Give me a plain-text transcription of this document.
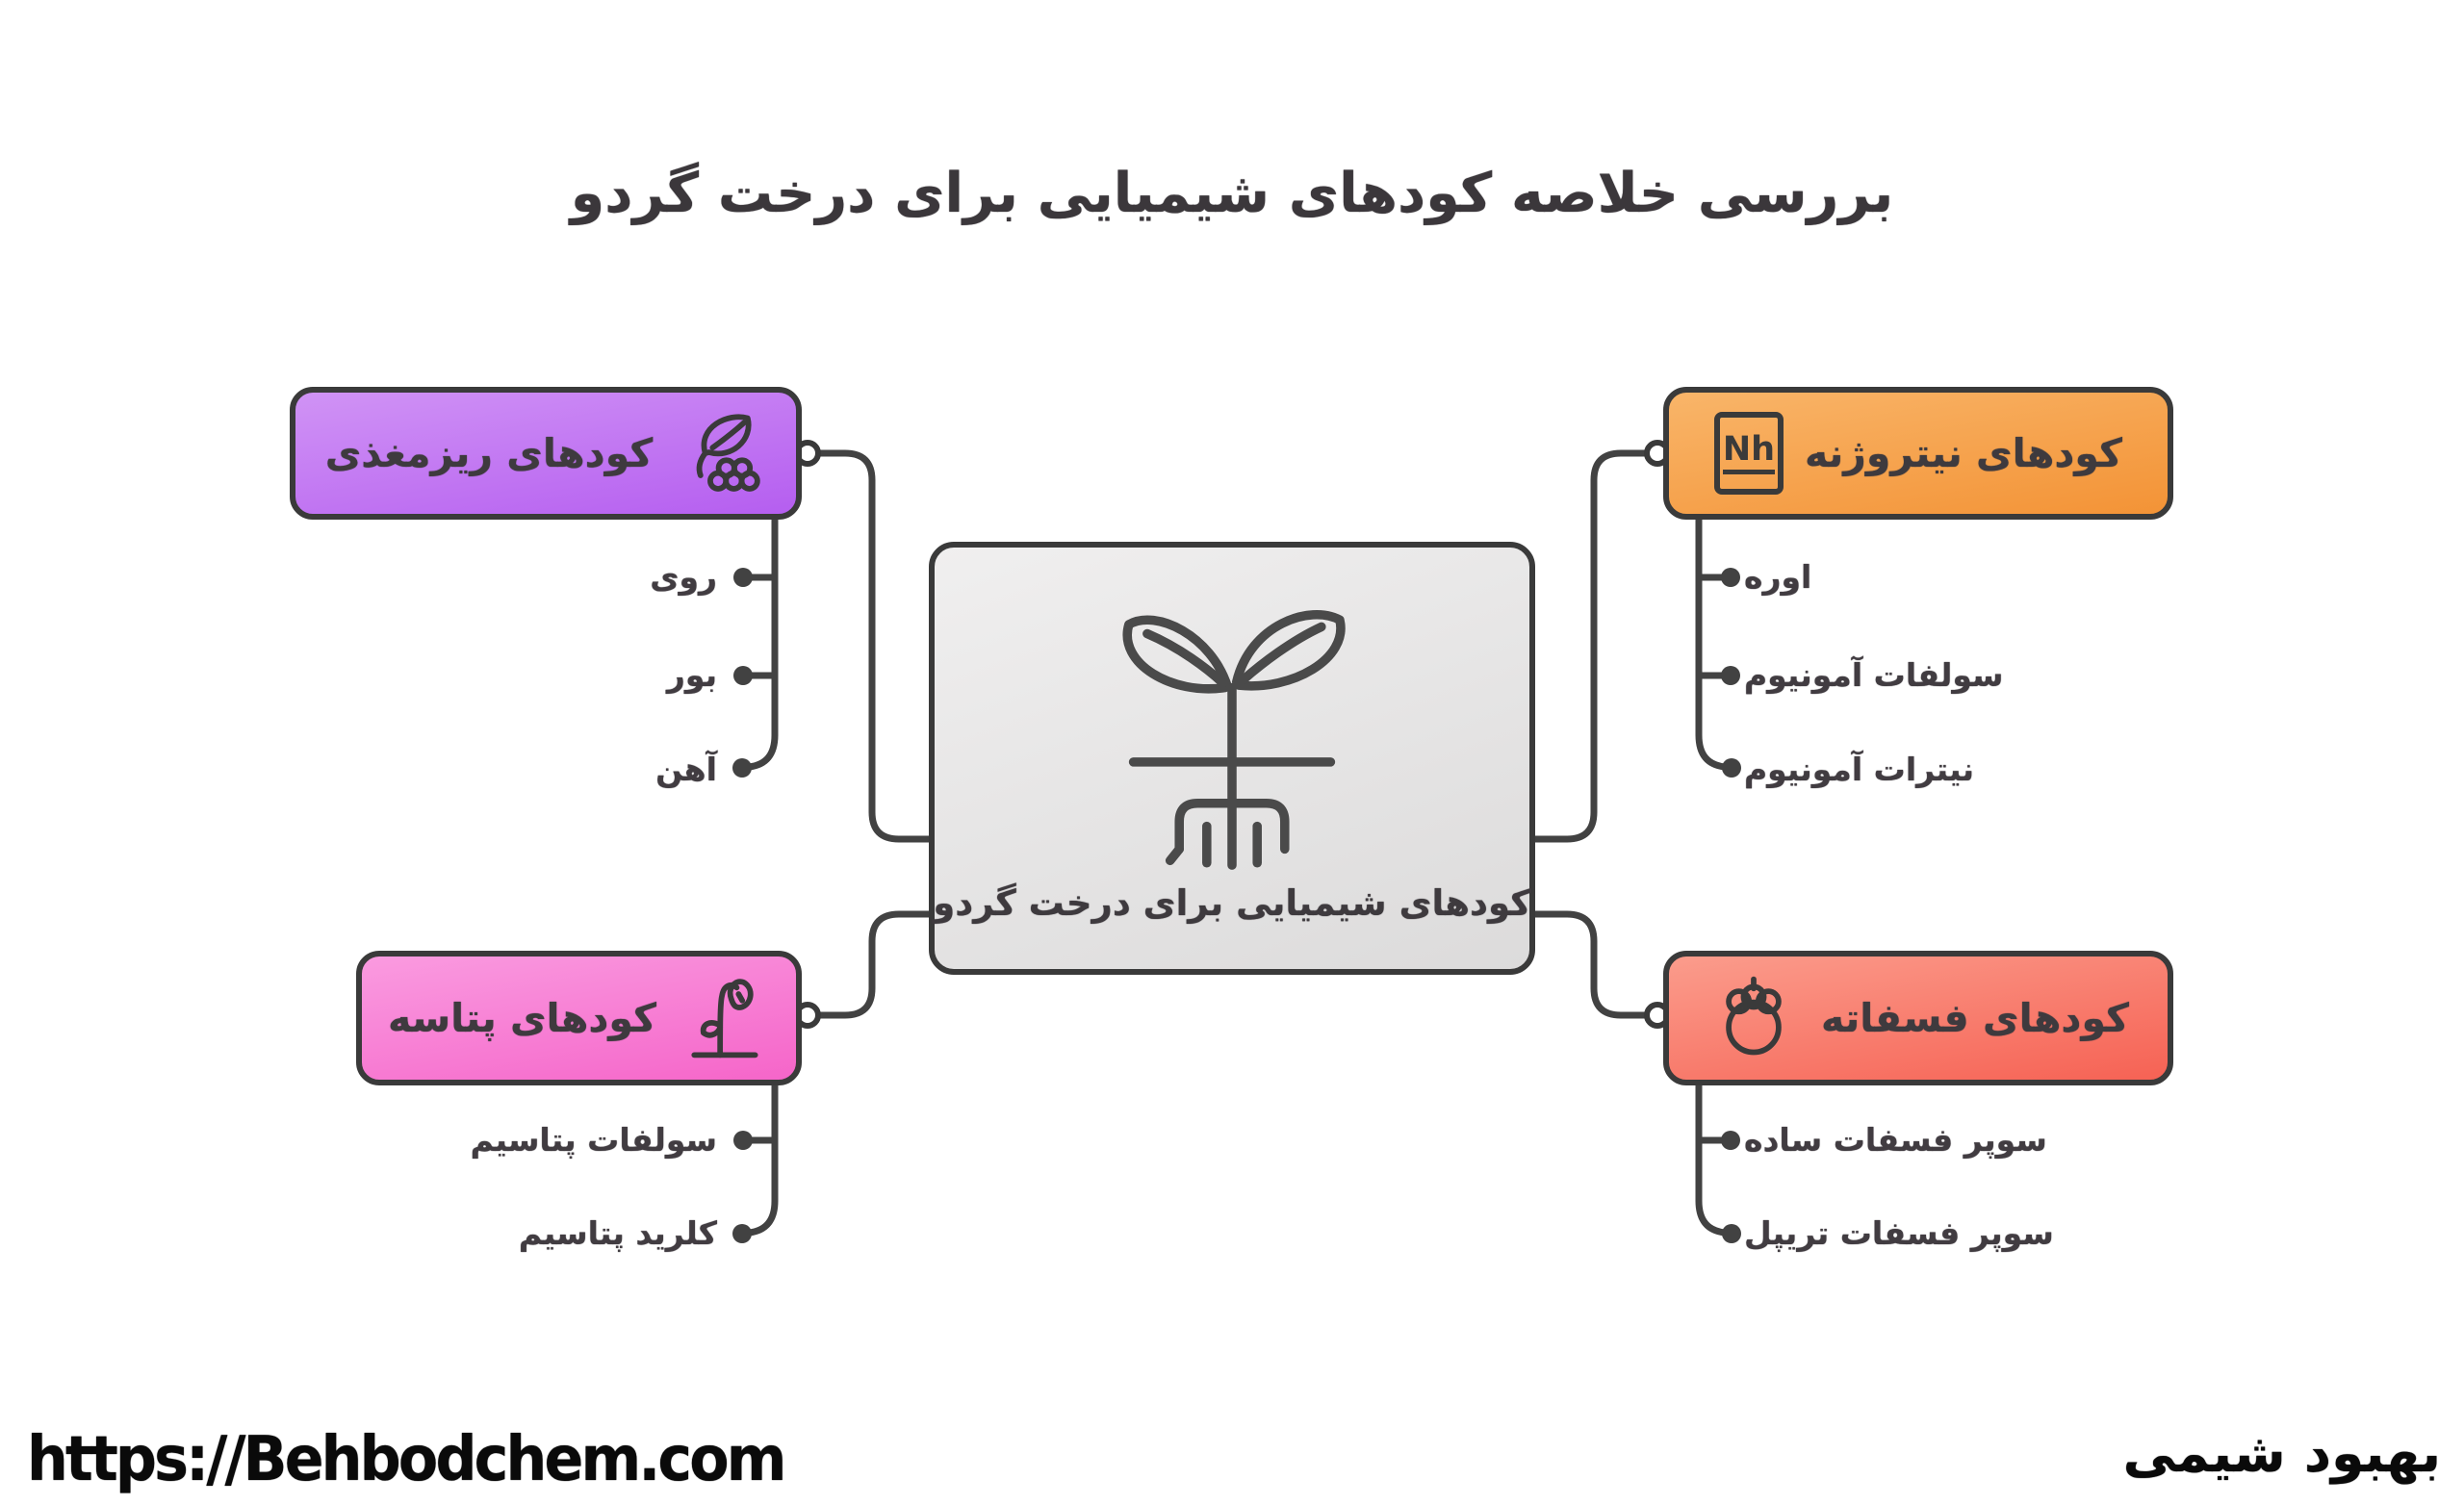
بررسی خلاصه کودهای شیمیایی برای درخت گردو
کودهای ریزمغذی	Nh کودهای نیتروژنه
کودهای پتاسه	کودهای فسفاته
کودهای شیمیایی برای درخت گردو
روی
بور
آهن
اوره
سولفات آمونیوم
نیترات آمونیوم
سولفات پتاسیم
کلرید پتاسیم
سوپر فسفات ساده
سوپر فسفات تریپل
https://Behbodchem.com	بهبود شیمی
